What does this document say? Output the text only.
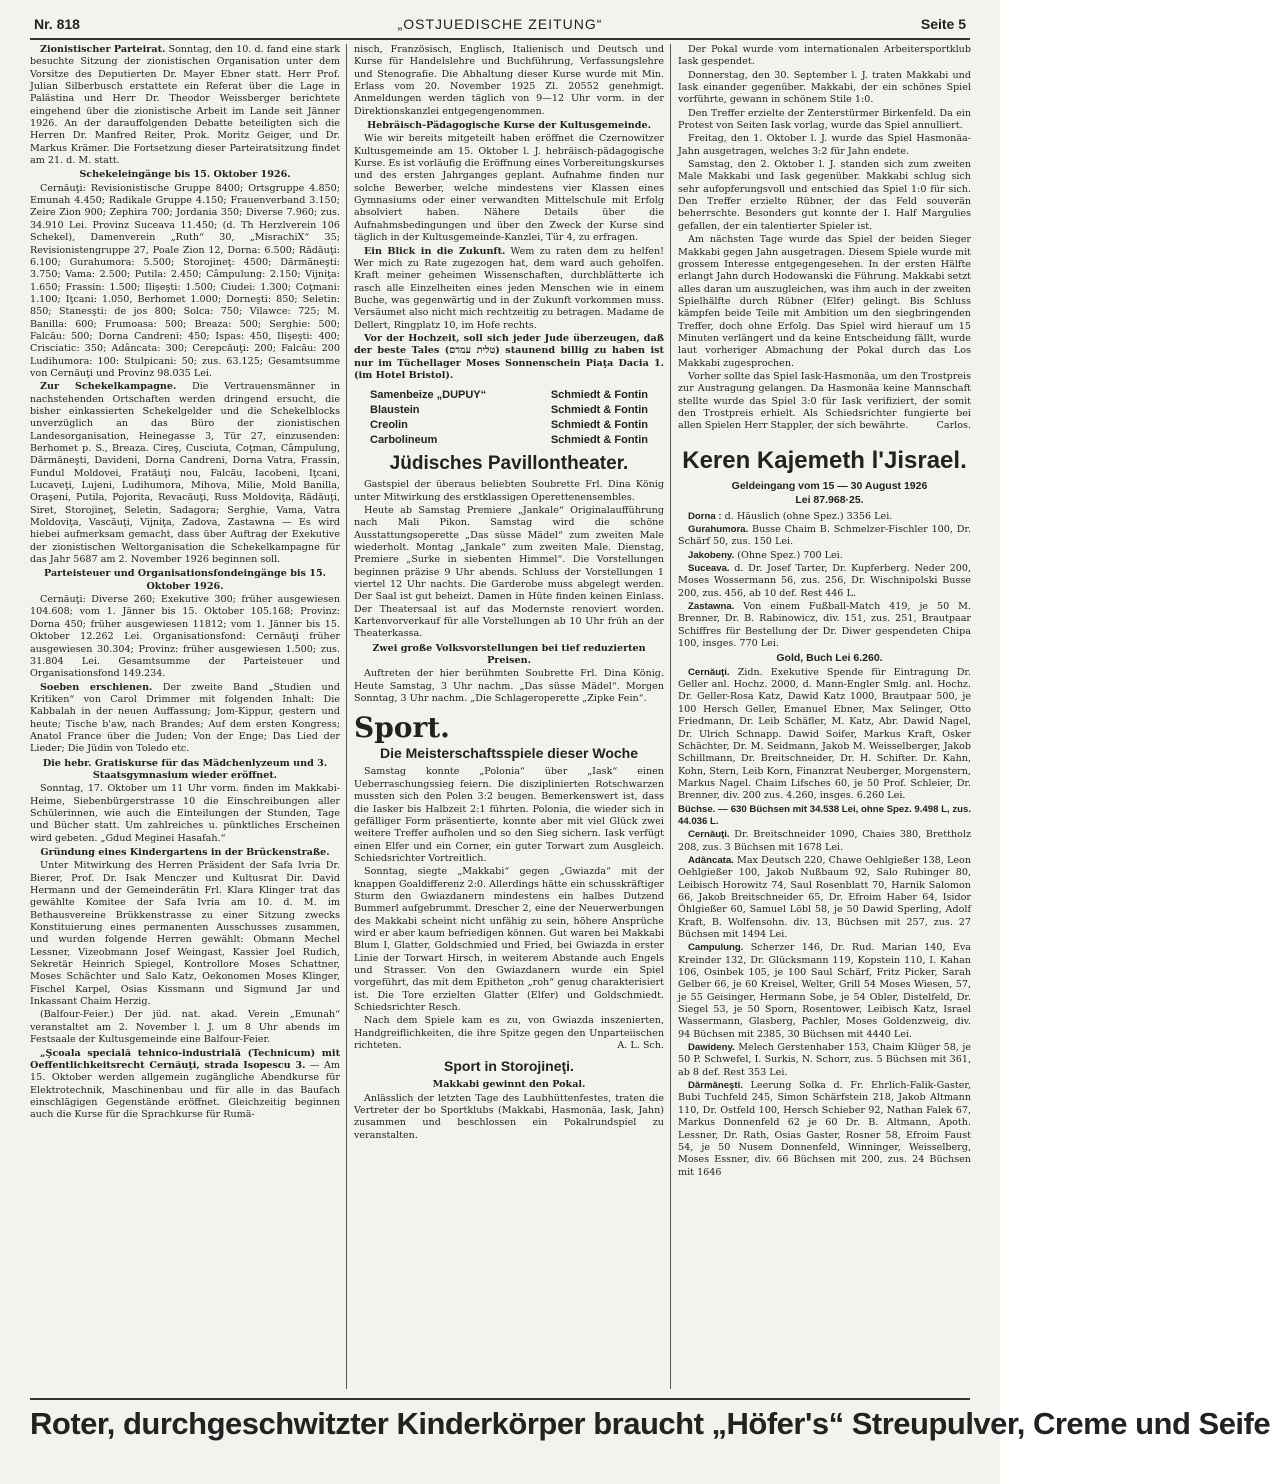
Nr. 818	„OSTJUEDISCHE ZEITUNG“	Seite 5

Zionistischer Parteirat. Sonntag, den 10. d. fand eine stark besuchte Sitzung der zionistischen Organisation unter dem Vorsitze des Deputierten Dr. Mayer Ebner statt. Herr Prof. Julian Silberbusch erstattete ein Referat über die Lage in Palästina und Herr Dr. Theodor Weissberger berichtete eingehend über die zionistische Arbeit im Lande seit Jänner 1926. An der darauffolgenden Debatte beteiligten sich die Herren Dr. Manfred Reiter, Prok. Moritz Geiger, und Dr. Markus Krämer. Die Fortsetzung dieser Parteiratsitzung findet am 21. d. M. statt.

Schekeleingänge bis 15. Oktober 1926.

Cernăuţi: Revisionistische Gruppe 8400; Ortsgruppe 4.850; Emunah 4.450; Radikale Gruppe 4.150; Frauenverband 3.150; Zeire Zion 900; Zephira 700; Jordania 350; Diverse 7.960; zus. 34.910 Lei. Provinz Suceava 11.450; (d. Th Herzlverein 106 Schekel), Damenverein „Ruth“ 30, „MisrachiX“ 35; Revisionistengruppe 27, Poale Zion 12, Dorna: 6.500; Rădăuţi: 6.100; Gurahumora: 5.500; Storojineţ: 4500; Dărmăneşti: 3.750; Vama: 2.500; Putila: 2.450; Câmpulung: 2.150; Vijniţa: 1.650; Frassin: 1.500; Ilişeşti: 1.500; Ciudei: 1.300; Coţmani: 1.100; Iţcani: 1.050, Berhomet 1.000; Dorneşti: 850; Seletin: 850; Stanesşti: de jos 800; Solca: 750; Vilawce: 725; M. Banilla: 600; Frumoasa: 500; Breaza: 500; Serghie: 500; Falcău: 500; Dorna Candreni: 450; Ispas: 450, Ilişeşti: 400; Crisciatic: 350; Adâncata: 300; Cerepcăuţi: 200; Falcău: 200 Ludihumora: 100: Stulpicani: 50; zus. 63.125; Gesamtsumme von Cernăuţi und Provinz 98.035 Lei.

Zur Schekelkampagne. Die Vertrauensmänner in nachstehenden Ortschaften werden dringend ersucht, die bisher einkassierten Schekelgelder und die Schekelblocks unverzüglich an das Büro der zionistischen Landesorganisation, Heinegasse 3, Tür 27, einzusenden: Berhomet p. S., Breaza. Cireş, Cusciuta, Coţman, Câmpulung, Dărmăneşti, Davideni, Dorna Candreni, Dorna Vatra, Frassin, Fundul Moldovei, Fratăuţi nou, Falcău, Iacobeni, Iţcani, Lucaveţi, Lujeni, Ludihumora, Mihova, Milie, Mold Banilla, Oraşeni, Putila, Pojorita, Revacăuţi, Russ Moldoviţa, Rădăuţi, Siret, Storojineţ, Seletin, Sadagora; Serghie, Vama, Vatra Moldoviţa, Vascăuţi, Vijniţa, Zadova, Zastawna — Es wird hiebei aufmerksam gemacht, dass über Auftrag der Exekutive der zionistischen Weltorganisation die Schekelkampagne für das Jahr 5687 am 2. November 1926 beginnen soll.

Parteisteuer und Organisationsfondeingänge bis 15. Oktober 1926.

Cernăuţi: Diverse 260; Exekutive 300; früher ausgewiesen 104.608; vom 1. Jänner bis 15. Oktober 105.168; Provinz: Dorna 450; früher ausgewiesen 11812; vom 1. Jänner bis 15. Oktober 12.262 Lei. Organisationsfond: Cernăuţi früher ausgewiesen 30.304; Provinz: früher ausgewiesen 1.500; zus. 31.804 Lei. Gesamtsumme der Parteisteuer und Organisationsfond 149.234.

Soeben erschienen. Der zweite Band „Studien und Kritiken“ von Carol Drimmer mit folgenden Inhalt: Die Kabbalah in der neuen Auffassung; Jom-Kippur, gestern und heute; Tische b'aw, nach Brandes; Auf dem ersten Kongress; Anatol France über die Juden; Von der Enge; Das Lied der Lieder; Die Jüdin von Toledo etc.

Die hebr. Gratiskurse für das Mädchenlyzeum und 3. Staatsgymnasium wieder eröffnet.

Sonntag, 17. Oktober um 11 Uhr vorm. finden im Makkabi-Heime, Siebenbürgerstrasse 10 die Einschreibungen aller Schülerinnen, wie auch die Einteilungen der Stunden, Tage und Bücher statt. Um zahlreiches u. pünktliches Erscheinen wird gebeten. „Gdud Meginei Hasafah.“

Gründung eines Kindergartens in der Brückenstraße.

Unter Mitwirkung des Herren Präsident der Safa Ivria Dr. Bierer, Prof. Dr. Isak Menczer und Kultusrat Dir. David Hermann und der Gemeinderätin Frl. Klara Klinger trat das gewählte Komitee der Safa Ivria am 10. d. M. im Bethausvereine Brükkenstrasse zu einer Sitzung zwecks Konstituierung eines permanenten Ausschusses zusammen, und wurden folgende Herren gewählt: Obmann Mechel Lessner, Vizeobmann Josef Weingast, Kassier Joel Rudich, Sekretär Heinrich Spiegel, Kontrollore Moses Schattner, Moses Schächter und Salo Katz, Oekonomen Moses Klinger, Fischel Karpel, Osias Kissmann und Sigmund Jar und Inkassant Chaim Herzig.

(Balfour-Feier.) Der jüd. nat. akad. Verein „Emunah“ veranstaltet am 2. November l. J. um 8 Uhr abends im Festsaale der Kultusgemeinde eine Balfour-Feier.

„Şcoala specială tehnico-industrială (Technicum) mit Oeffentlichkeitsrecht Cernăuţi, strada Isopescu 3. — Am 15. Oktober werden allgemein zugängliche Abendkurse für Elektrotechnik, Maschinenbau und für alle in das Baufach einschlägigen Gegenstände eröffnet. Gleichzeitig beginnen auch die Kurse für die Sprachkurse für Rumä-

nisch, Französisch, Englisch, Italienisch und Deutsch und Kurse für Handelslehre und Buchführung, Verfassungslehre und Stenografie. Die Abhaltung dieser Kurse wurde mit Min. Erlass vom 20. November 1925 Zl. 20552 genehmigt. Anmeldungen werden täglich von 9—12 Uhr vorm. in der Direktionskanzlei entgegengenommen.

Hebräisch-Pädagogische Kurse der Kultusgemeinde.

Wie wir bereits mitgeteilt haben eröffnet die Czernowitzer Kultusgemeinde am 15. Oktober l. J. hebräisch-pädagogische Kurse. Es ist vorläufig die Eröffnung eines Vorbereitungskurses und des ersten Jahrganges geplant. Aufnahme finden nur solche Bewerber, welche mindestens vier Klassen eines Gymnasiums oder einer verwandten Mittelschule mit Erfolg absolviert haben. Nähere Details über die Aufnahmsbedingungen und über den Zweck der Kurse sind täglich in der Kultusgemeinde-Kanzlei, Tür 4, zu erfragen.

Ein Blick in die Zukunft. Wem zu raten dem zu helfen! Wer mich zu Rate zugezogen hat, dem ward auch geholfen. Kraft meiner geheimen Wissenschaften, durchblätterte ich rasch alle Einzelheiten eines jeden Menschen wie in einem Buche, was gegenwärtig und in der Zukunft vorkommen muss. Versäumet also nicht mich rechtzeitig zu betragen. Madame de Dellert, Ringplatz 10, im Hofe rechts.

Vor der Hochzeit, soll sich jeder Jude überzeugen, daß der beste Tales (טלית עמרם) staunend billig zu haben ist nur im Tüchellager Moses Sonnenschein Piaţa Dacia 1. (im Hotel Bristol).

Samenbeize „DUPUY“	Schmiedt & Fontin
Blaustein	Schmiedt & Fontin
Creolin	Schmiedt & Fontin
Carbolineum	Schmiedt & Fontin
Jüdisches Pavillontheater.

Gastspiel der überaus beliebten Soubrette Frl. Dina König unter Mitwirkung des erstklassigen Operettenensembles.

Heute ab Samstag Premiere „Jankale“ Originalaufführung nach Mali Pikon. Samstag wird die schöne Ausstattungsoperette „Das süsse Mädel“ zum zweiten Male wiederholt. Montag „Jankale“ zum zweiten Male. Dienstag, Premiere „Surke in siebenten Himmel“. Die Vorstellungen beginnen präzise 9 Uhr abends. Schluss der Vorstellungen 1 viertel 12 Uhr nachts. Die Garderobe muss abgelegt werden. Der Saal ist gut beheizt. Damen in Hüte finden keinen Einlass. Der Theatersaal ist auf das Modernste renoviert worden. Kartenvorverkauf für alle Vorstellungen ab 10 Uhr früh an der Theaterkassa.

Zwei große Volksvorstellungen bei tief reduzierten Preisen.

Auftreten der hier berühmten Soubrette Frl. Dina König. Heute Samstag, 3 Uhr nachm. „Das süsse Mädel“. Morgen Sonntag, 3 Uhr nachm. „Die Schlageroperette „Zipke Fein“.

Sport.
Die Meisterschaftsspiele dieser Woche

Samstag konnte „Polonia“ über „Iask“ einen Ueberraschungssieg feiern. Die disziplinierten Rotschwarzen mussten sich den Polen 3:2 beugen. Bemerkenswert ist, dass die Iasker bis Halbzeit 2:1 führten. Polonia, die wieder sich in gefälliger Form präsentierte, konnte aber mit viel Glück zwei weitere Treffer aufholen und so den Sieg sichern. Iask verfügt einen Elfer und ein Corner, ein guter Torwart zum Ausgleich. Schiedsrichter Vortreitlich.

Sonntag, siegte „Makkabi“ gegen „Gwiazda“ mit der knappen Goaldifferenz 2:0. Allerdings hätte ein schusskräftiger Sturm den Gwiazdanern mindestens ein halbes Dutzend Bummerl aufgebrummt. Drescher 2, eine der Neuerwerbungen des Makkabi scheint nicht unfähig zu sein, höhere Ansprüche wird er aber kaum befriedigen können. Gut waren bei Makkabi Blum I, Glatter, Goldschmied und Fried, bei Gwiazda in erster Linie der Torwart Hirsch, in weiterem Abstande auch Engels und Strasser. Von den Gwiazdanern wurde ein Spiel vorgeführt, das mit dem Epitheton „roh“ genug charakterisiert ist. Die Tore erzielten Glatter (Elfer) und Goldschmiedt. Schiedsrichter Resch.

Nach dem Spiele kam es zu, von Gwiazda inszenierten, Handgreiflichkeiten, die ihre Spitze gegen den Unparteiischen richteten.	A. L. Sch.

Sport in Storojineţi.

Makkabi gewinnt den Pokal.

Anlässlich der letzten Tage des Laubhüttenfestes, traten die Vertreter der bo Sportklubs (Makkabi, Hasmonäa, Iask, Jahn) zusammen und beschlossen ein Pokalrundspiel zu veranstalten.

Der Pokal wurde vom internationalen Arbeitersportklub Iask gespendet.

Donnerstag, den 30. September l. J. traten Makkabi und Iask einander gegenüber. Makkabi, der ein schönes Spiel vorführte, gewann in schönem Stile 1:0.

Den Treffer erzielte der Zenterstürmer Birkenfeld. Da ein Protest von Seiten Iask vorlag, wurde das Spiel annulliert.

Freitag, den 1. Oktober l. J. wurde das Spiel Hasmonäa-Jahn ausgetragen, welches 3:2 für Jahn endete.

Samstag, den 2. Oktober l. J. standen sich zum zweiten Male Makkabi und Iask gegenüber. Makkabi schlug sich sehr aufopferungsvoll und entschied das Spiel 1:0 für sich. Den Treffer erzielte Rübner, der das Feld souverän beherrschte. Besonders gut konnte der I. Half Margulies gefallen, der ein talentierter Spieler ist.

Am nächsten Tage wurde das Spiel der beiden Sieger Makkabi gegen Jahn ausgetragen. Diesem Spiele wurde mit grossem Interesse entgegengesehen. In der ersten Hälfte erlangt Jahn durch Hodowanski die Führung. Makkabi setzt alles daran um auszugleichen, was ihm auch in der zweiten Spielhälfte durch Rübner (Elfer) gelingt. Bis Schluss kämpfen beide Teile mit Ambition um den siegbringenden Treffer, doch ohne Erfolg. Das Spiel wird hierauf um 15 Minuten verlängert und da keine Entscheidung fällt, wurde laut vorheriger Abmachung der Pokal durch das Los Makkabi zugesprochen.

Vorher sollte das Spiel Iask-Hasmonäa, um den Trostpreis zur Austragung gelangen. Da Hasmonäa keine Mannschaft stellte wurde das Spiel 3:0 für Iask verifiziert, der somit den Trostpreis erhielt. Als Schiedsrichter fungierte bei allen Spielen Herr Stappler, der sich bewährte.	Carlos.

Keren Kajemeth l'Jisrael.

Geldeingang vom 15 — 30 August 1926

Lei 87.968·25.

Dorna : d. Häuslich (ohne Spez.) 3356 Lei.

Gurahumora. Busse Chaim B. Schmelzer-Fischler 100, Dr. Schärf 50, zus. 150 Lei.

Jakobeny. (Ohne Spez.) 700 Lei.

Suceava. d. Dr. Josef Tarter, Dr. Kupferberg. Neder 200, Moses Wossermann 56, zus. 256, Dr. Wischnipolski Busse 200, zus. 456, ab 10 def. Rest 446 L.

Zastawna. Von einem Fußball-Match 419, je 50 M. Brenner, Dr. B. Rabinowicz, div. 151, zus. 251, Brautpaar Schiffres für Bestellung der Dr. Diwer gespendeten Chipa 100, insges. 770 Lei.

Gold, Buch Lei 6.260.

Cernăuţi. Zidn. Exekutive Spende für Eintragung Dr. Geller anl. Hochz. 2000, d. Mann-Engler Smlg. anl. Hochz. Dr. Geller-Rosa Katz, Dawid Katz 1000, Brautpaar 500, je 100 Hersch Geller, Emanuel Ebner, Max Selinger, Otto Friedmann, Dr. Leib Schäfler, M. Katz, Abr. Dawid Nagel, Dr. Ulrich Schnapp. Dawid Soifer, Markus Kraft, Osker Schächter, Dr. M. Seidmann, Jakob M. Weisselberger, Jakob Schillmann, Dr. Breitschneider, Dr. H. Schifter. Dr. Kahn, Kohn, Stern, Leib Korn, Finanzrat Neuberger, Morgenstern, Markus Nagel. Chaim Lifsches 60, je 50 Prof. Schleier, Dr. Brenner, div. 200 zus. 4.260, insges. 6.260 Lei.

Büchse. — 630 Büchsen mit 34.538 Lei, ohne Spez. 9.498 L, zus. 44.036 L.

Cernăuţi. Dr. Breitschneider 1090, Chaies 380, Brettholz 208, zus. 3 Büchsen mit 1678 Lei.

Adâncata. Max Deutsch 220, Chawe Oehlgießer 138, Leon Oehlgießer 100, Jakob Nußbaum 92, Salo Rubinger 80, Leibisch Horowitz 74, Saul Rosenblatt 70, Harnik Salomon 66, Jakob Breitschneider 65, Dr. Efroim Haber 64, Isidor Öhlgießer 60, Samuel Löbl 58, je 50 Dawid Sperling, Adolf Kraft, B. Wolfensohn. div. 13, Büchsen mit 257, zus. 27 Büchsen mit 1494 Lei.

Campulung. Scherzer 146, Dr. Rud. Marian 140, Eva Kreinder 132, Dr. Glücksmann 119, Kopstein 110, I. Kahan 106, Osinbek 105, je 100 Saul Schärf, Fritz Picker, Sarah Gelber 66, je 60 Kreisel, Welter, Grill 54 Moses Wiesen, 57, je 55 Geisinger, Hermann Sobe, je 54 Obler, Distelfeld, Dr. Siegel 53, je 50 Sporn, Rosentower, Leibisch Katz, Israel Wassermann, Glasberg, Pachler, Moses Goldenzweig, div. 94 Büchsen mit 2385, 30 Büchsen mit 4440 Lei.

Dawideny. Melech Gerstenhaber 153, Chaim Klüger 58, je 50 P. Schwefel, I. Surkis, N. Schorr, zus. 5 Büchsen mit 361, ab 8 def. Rest 353 Lei.

Dărmăneşti. Leerung Solka d. Fr. Ehrlich-Falik-Gaster, Bubi Tuchfeld 245, Simon Schärfstein 218, Jakob Altmann 110, Dr. Ostfeld 100, Hersch Schieber 92, Nathan Falek 67, Markus Donnenfeld 62 je 60 Dr. B. Altmann, Apoth. Lessner, Dr. Rath, Osias Gaster, Rosner 58, Efroim Faust 54, je 50 Nusem Donnenfeld, Winninger, Weisselberg, Moses Essner, div. 66 Büchsen mit 200, zus. 24 Büchsen mit 1646

Roter, durchgeschwitzter Kinderkörper braucht „Höfer's“ Streupulver, Creme und Seife
